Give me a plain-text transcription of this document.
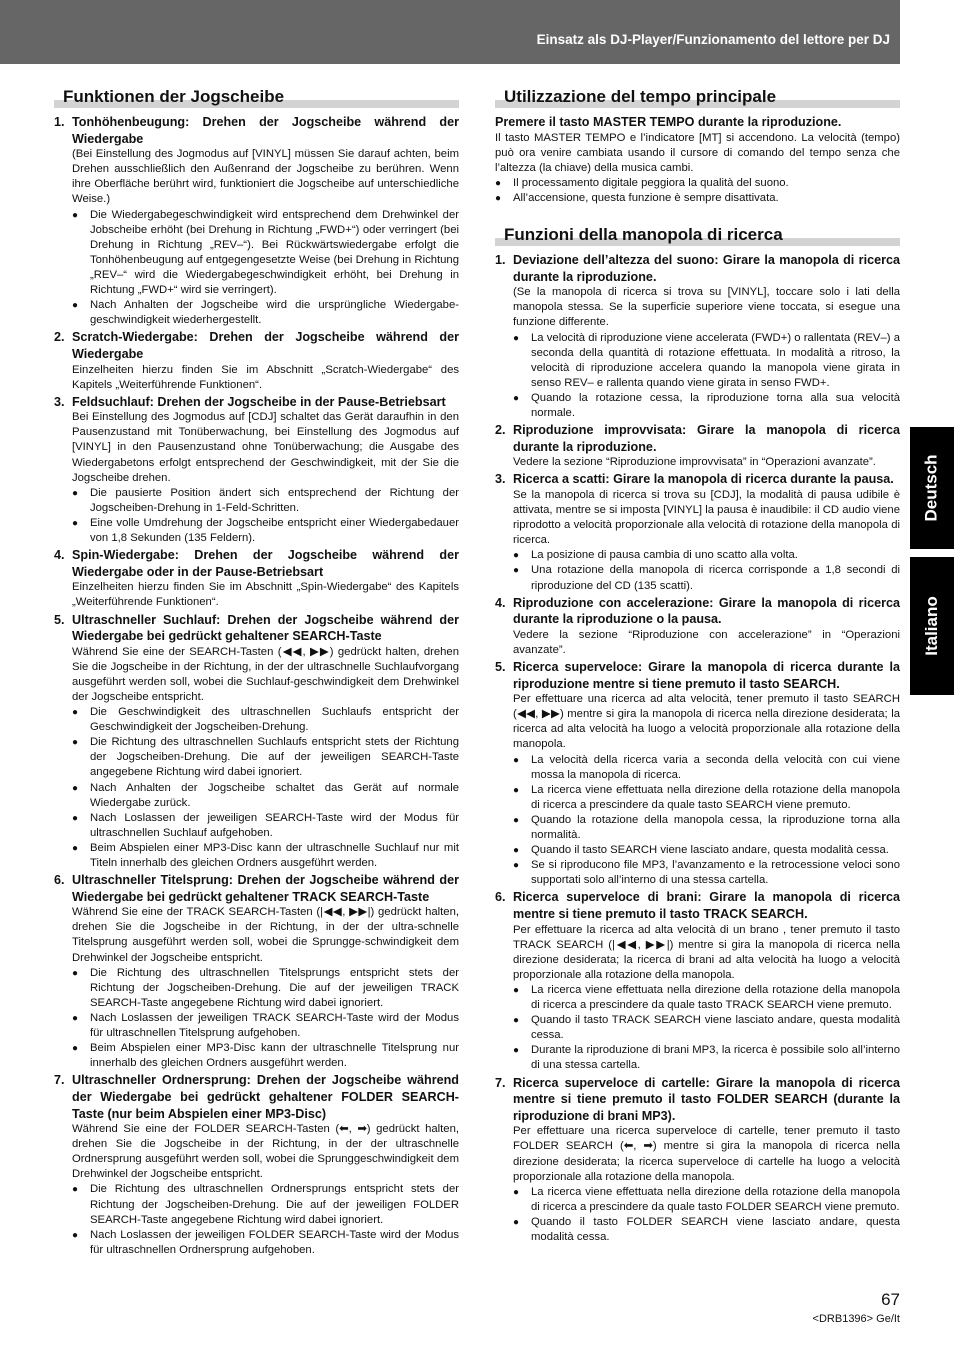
Einsatz als DJ-Player/Funzionamento del lettore per DJ
Deutsch
Italiano
Funktionen der Jogscheibe
1. Tonhöhenbeugung: Drehen der Jogscheibe während der Wiedergabe

(Bei Einstellung des Jogmodus auf [VINYL] müssen Sie darauf achten, beim Drehen ausschließlich den Außenrand der Jogscheibe zu berühren. Wenn ihre Oberfläche berührt wird, funktioniert die Jogscheibe auf unterschiedliche Weise.)

●	Die Wiedergabegeschwindigkeit wird entsprechend dem Drehwinkel der Jobscheibe erhöht (bei Drehung in Richtung „FWD+“) oder verringert (bei Drehung in Richtung „REV–“). Bei Rückwärtswiedergabe erfolgt die Tonhöhenbeugung auf entgegengesetzte Weise (bei Drehung in Richtung „REV–“ wird die Wiedergabegeschwindigkeit erhöht, bei Drehung in Richtung „FWD+“ wird sie verringert).
●	Nach Anhalten der Jogscheibe wird die ursprüngliche Wiedergabe-geschwindigkeit wiederhergestellt.
2. Scratch-Wiedergabe: Drehen der Jogscheibe während der Wiedergabe

Einzelheiten hierzu finden Sie im Abschnitt „Scratch-Wiedergabe“ des Kapitels „Weiterführende Funktionen“.

3. Feldsuchlauf: Drehen der Jogscheibe in der Pause-Betriebsart

Bei Einstellung des Jogmodus auf [CDJ] schaltet das Gerät daraufhin in den Pausenzustand mit Tonüberwachung, bei Einstellung des Jogmodus auf [VINYL] in den Pausenzustand ohne Tonüberwachung; die Ausgabe des Wiedergabetons erfolgt entsprechend der Geschwindigkeit, mit der Sie die Jogscheibe drehen.

●	Die pausierte Position ändert sich entsprechend der Richtung der Jogscheiben-Drehung in 1-Feld-Schritten.
●	Eine volle Umdrehung der Jogscheibe entspricht einer Wiedergabedauer von 1,8 Sekunden (135 Feldern).
4. Spin-Wiedergabe: Drehen der Jogscheibe während der Wiedergabe oder in der Pause-Betriebsart

Einzelheiten hierzu finden Sie im Abschnitt „Spin-Wiedergabe“ des Kapitels „Weiterführende Funktionen“.

5. Ultraschneller Suchlauf: Drehen der Jogscheibe während der Wiedergabe bei gedrückt gehaltener SEARCH-Taste

Während Sie eine der SEARCH-Tasten (◀◀, ▶▶) gedrückt halten, drehen Sie die Jogscheibe in der Richtung, in der der ultraschnelle Suchlaufvorgang ausgeführt werden soll, wobei die Suchlauf-geschwindigkeit dem Drehwinkel der Jogscheibe entspricht.

●	Die Geschwindigkeit des ultraschnellen Suchlaufs entspricht der Geschwindigkeit der Jogscheiben-Drehung.
●	Die Richtung des ultraschnellen Suchlaufs entspricht stets der Richtung der Jogscheiben-Drehung. Die auf der jeweiligen SEARCH-Taste angegebene Richtung wird dabei ignoriert.
●	Nach Anhalten der Jogscheibe schaltet das Gerät auf normale Wiedergabe zurück.
●	Nach Loslassen der jeweiligen SEARCH-Taste wird der Modus für ultraschnellen Suchlauf aufgehoben.
●	Beim Abspielen einer MP3-Disc kann der ultraschnelle Suchlauf nur mit Titeln innerhalb des gleichen Ordners ausgeführt werden.
6. Ultraschneller Titelsprung: Drehen der Jogscheibe während der Wiedergabe bei gedrückt gehaltener TRACK SEARCH-Taste

Während Sie eine der TRACK SEARCH-Tasten (|◀◀, ▶▶|) gedrückt halten, drehen Sie die Jogscheibe in der Richtung, in der der ultra-schnelle Titelsprung ausgeführt werden soll, wobei die Sprungge-schwindigkeit dem Drehwinkel der Jogscheibe entspricht.

●	Die Richtung des ultraschnellen Titelsprungs entspricht stets der Richtung der Jogscheiben-Drehung. Die auf der jeweiligen TRACK SEARCH-Taste angegebene Richtung wird dabei ignoriert.
●	Nach Loslassen der jeweiligen TRACK SEARCH-Taste wird der Modus für ultraschnellen Titelsprung aufgehoben.
●	Beim Abspielen einer MP3-Disc kann der ultraschnelle Titelsprung nur innerhalb des gleichen Ordners ausgeführt werden.
7. Ultraschneller Ordnersprung: Drehen der Jogscheibe während der Wiedergabe bei gedrückt gehaltener FOLDER SEARCH-Taste (nur beim Abspielen einer MP3-Disc)

Während Sie eine der FOLDER SEARCH-Tasten (⬅, ➡) gedrückt halten, drehen Sie die Jogscheibe in der Richtung, in der der ultraschnelle Ordnersprung ausgeführt werden soll, wobei die Sprunggeschwindigkeit dem Drehwinkel der Jogscheibe entspricht.

●	Die Richtung des ultraschnellen Ordnersprungs entspricht stets der Richtung der Jogscheiben-Drehung. Die auf der jeweiligen FOLDER SEARCH-Taste angegebene Richtung wird dabei ignoriert.
●	Nach Loslassen der jeweiligen FOLDER SEARCH-Taste wird der Modus für ultraschnellen Ordnersprung aufgehoben.
Utilizzazione del tempo principale
Premere il tasto MASTER TEMPO durante la riproduzione.

Il tasto MASTER TEMPO e l’indicatore [MT] si accendono. La velocità (tempo) può ora venire cambiata usando il cursore di comando del tempo senza che l’altezza (la chiave) della musica cambi.

●	Il processamento digitale peggiora la qualità del suono.
●	All’accensione, questa funzione è sempre disattivata.
Funzioni della manopola di ricerca
1. Deviazione dell’altezza del suono: Girare la manopola di ricerca durante la riproduzione.

(Se la manopola di ricerca si trova su [VINYL], toccare solo i lati della manopola stessa. Se la superficie superiore viene toccata, si esegue una funzione differente.

●	La velocità di riproduzione viene accelerata (FWD+) o rallentata (REV–) a seconda della quantità di rotazione effettuata. In modalità a ritroso, la velocità di riproduzione accelera quando la manopola viene girata in senso REV– e rallenta quando viene girata in senso FWD+.
●	Quando la rotazione cessa, la riproduzione torna alla sua velocità normale.
2. Riproduzione improvvisata: Girare la manopola di ricerca durante la riproduzione.

Vedere la sezione “Riproduzione improvvisata” in “Operazioni avanzate”.

3. Ricerca a scatti: Girare la manopola di ricerca durante la pausa.

Se la manopola di ricerca si trova su [CDJ], la modalità di pausa udibile è attivata, mentre se si imposta [VINYL] la pausa è inaudibile: il CD audio viene riprodotto a velocità proporzionale alla velocità di rotazione della manopola di ricerca.

●	La posizione di pausa cambia di uno scatto alla volta.
●	Una rotazione della manopola di ricerca corrisponde a 1,8 secondi di riproduzione del CD (135 scatti).
4. Riproduzione con accelerazione: Girare la manopola di ricerca durante la riproduzione o la pausa.

Vedere la sezione “Riproduzione con accelerazione” in “Operazioni avanzate”.

5. Ricerca superveloce: Girare la manopola di ricerca durante la riproduzione mentre si tiene premuto il tasto SEARCH.

Per effettuare una ricerca ad alta velocità, tener premuto il tasto SEARCH (◀◀, ▶▶) mentre si gira la manopola di ricerca nella direzione desiderata; la ricerca ad alta velocità ha luogo a velocità proporzionale alla rotazione della manopola.

●	La velocità della ricerca varia a seconda della velocità con cui viene mossa la manopola di ricerca.
●	La ricerca viene effettuata nella direzione della rotazione della manopola di ricerca a prescindere da quale tasto SEARCH viene premuto.
●	Quando la rotazione della manopola cessa, la riproduzione torna alla normalità.
●	Quando il tasto SEARCH viene lasciato andare, questa modalità cessa.
●	Se si riproducono file MP3, l’avanzamento e la retrocessione veloci sono supportati solo all’interno di una stessa cartella.
6. Ricerca superveloce di brani: Girare la manopola di ricerca mentre si tiene premuto il tasto TRACK SEARCH.

Per effettuare la ricerca ad alta velocità di un brano , tener premuto il tasto TRACK SEARCH (|◀◀, ▶▶|) mentre si gira la manopola di ricerca nella direzione desiderata; la ricerca di brani ad alta velocità ha luogo a velocità proporzionale alla rotazione della manopola.

●	La ricerca viene effettuata nella direzione della rotazione della manopola di ricerca a prescindere da quale tasto TRACK SEARCH viene premuto.
●	Quando il tasto TRACK SEARCH viene lasciato andare, questa modalità cessa.
●	Durante la riproduzione di brani MP3, la ricerca è possibile solo all’interno di una stessa cartella.
7. Ricerca superveloce di cartelle: Girare la manopola di ricerca mentre si tiene premuto il tasto FOLDER SEARCH (durante la riproduzione di brani MP3).

Per effettuare una ricerca superveloce di cartelle, tener premuto il tasto FOLDER SEARCH (⬅, ➡) mentre si gira la manopola di ricerca nella direzione desiderata; la ricerca superveloce di cartelle ha luogo a velocità proporzionale alla rotazione della manopola.

●	La ricerca viene effettuata nella direzione della rotazione della manopola di ricerca a prescindere da quale tasto FOLDER SEARCH viene premuto.
●	Quando il tasto FOLDER SEARCH viene lasciato andare, questa modalità cessa.
67
<DRB1396> Ge/It
